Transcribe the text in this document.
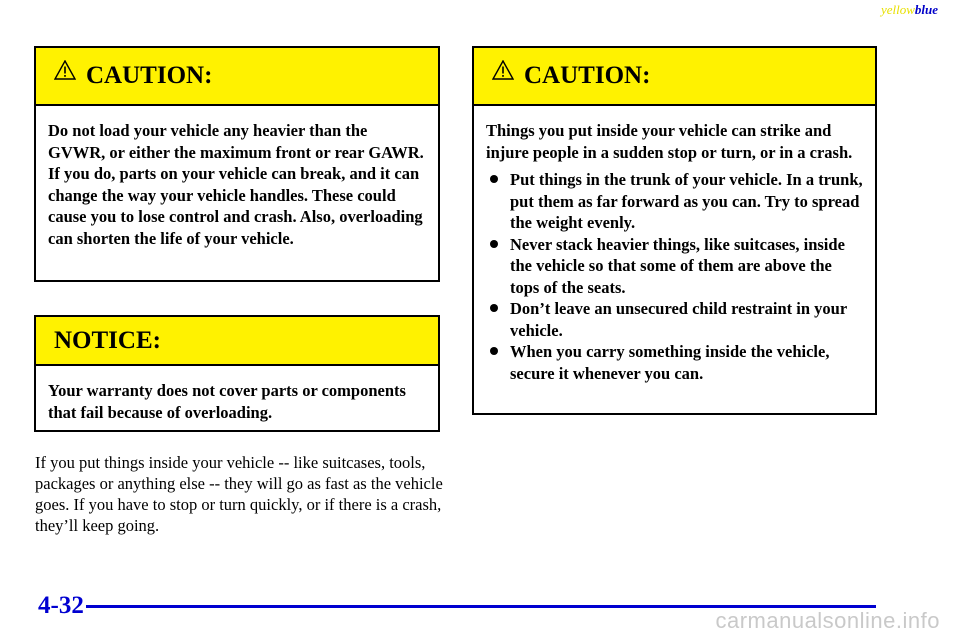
yellowblue
CAUTION:
Do not load your vehicle any heavier than the GVWR, or either the maximum front or rear GAWR. If you do, parts on your vehicle can break, and it can change the way your vehicle handles. These could cause you to lose control and crash. Also, overloading can shorten the life of your vehicle.
NOTICE:
Your warranty does not cover parts or components that fail because of overloading.
If you put things inside your vehicle -- like suitcases, tools, packages or anything else -- they will go as fast as the vehicle goes. If you have to stop or turn quickly, or if there is a crash, they’ll keep going.
CAUTION:
Things you put inside your vehicle can strike and injure people in a sudden stop or turn, or in a crash.
Put things in the trunk of your vehicle. In a trunk, put them as far forward as you can. Try to spread the weight evenly.
Never stack heavier things, like suitcases, inside the vehicle so that some of them are above the tops of the seats.
Don’t leave an unsecured child restraint in your vehicle.
When you carry something inside the vehicle, secure it whenever you can.
4-32
carmanualsonline.info
